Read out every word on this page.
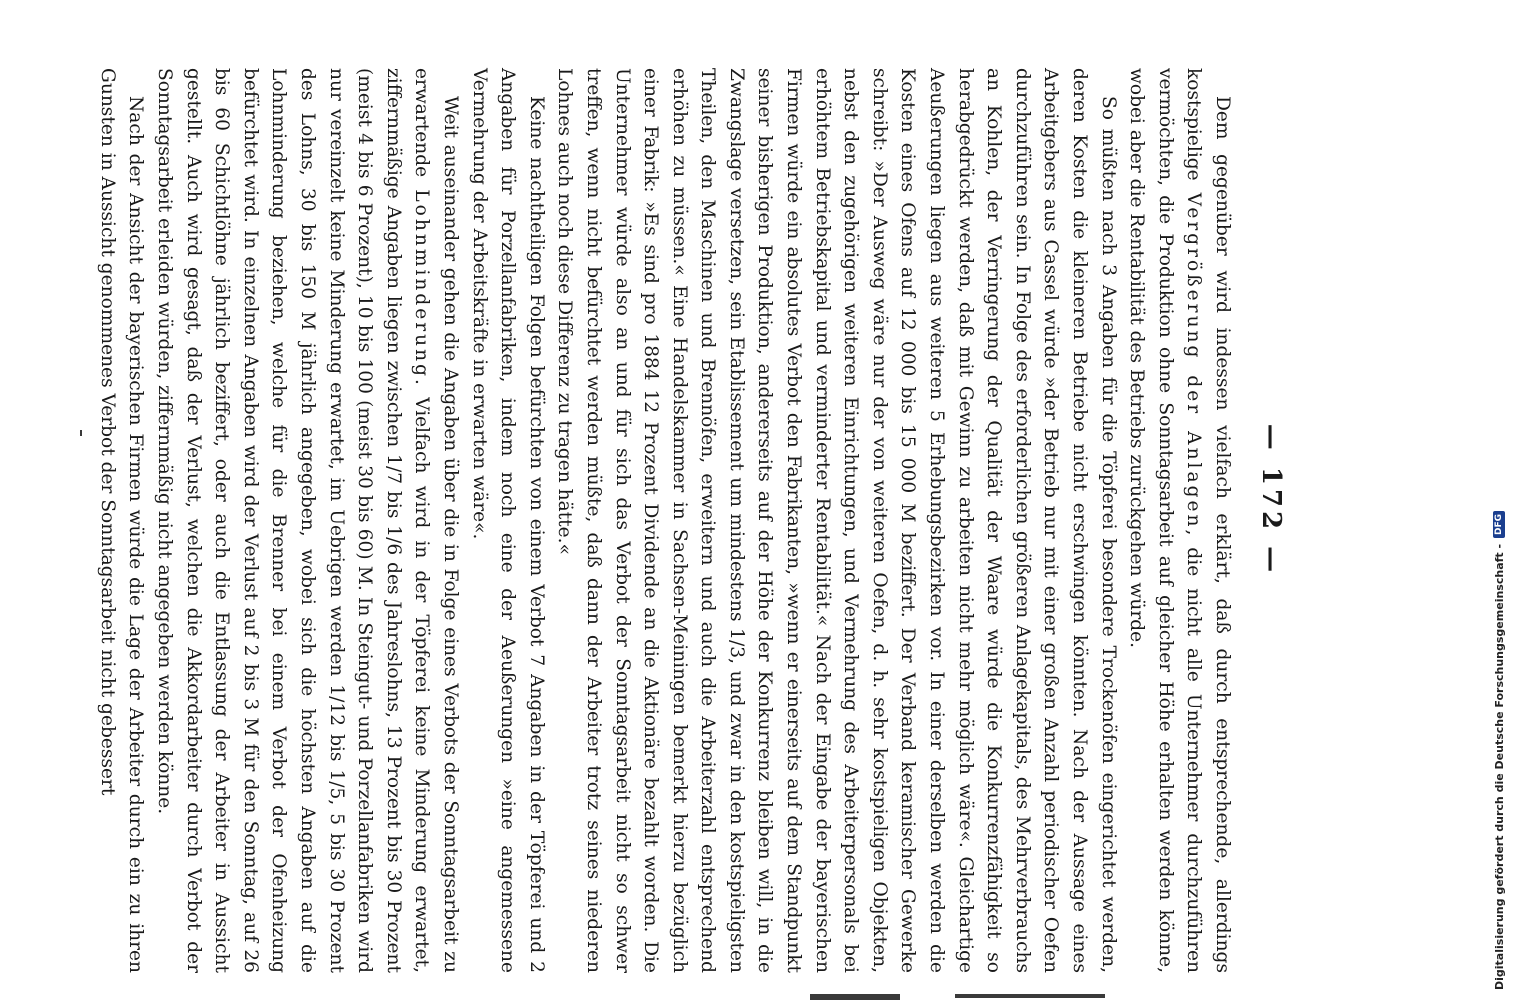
— 172 —

Dem gegenüber wird indessen vielfach erklärt, daß durch entsprechende, allerdings kostspielige Vergrößerung der Anlagen, die nicht alle Unternehmer durchzuführen vermöchten, die Produktion ohne Sonntagsarbeit auf gleicher Höhe erhalten werden könne, wobei aber die Rentabilität des Betriebs zurückgehen würde.

So müßten nach 3 Angaben für die Töpferei besondere Trockenöfen eingerichtet werden, deren Kosten die kleineren Betriebe nicht erschwingen könnten. Nach der Aussage eines Arbeitgebers aus Cassel würde »der Betrieb nur mit einer großen Anzahl periodischer Oefen durchzuführen sein. In Folge des erforderlichen größeren Anlagekapitals, des Mehrverbrauchs an Kohlen, der Verringerung der Qualität der Waare würde die Konkurrenzfähigkeit so herabgedrückt werden, daß mit Gewinn zu arbeiten nicht mehr möglich wäre«. Gleichartige Aeußerungen liegen aus weiteren 5 Erhebungsbezirken vor. In einer derselben werden die Kosten eines Ofens auf 12 000 bis 15 000 M beziffert. Der Verband keramischer Gewerke schreibt: »Der Ausweg wäre nur der von weiteren Oefen, d. h. sehr kostspieligen Objekten, nebst den zugehörigen weiteren Einrichtungen, und Vermehrung des Arbeiterpersonals bei erhöhtem Betriebskapital und verminderter Rentabilität.« Nach der Eingabe der bayerischen Firmen würde ein absolutes Verbot den Fabrikanten, »wenn er einerseits auf dem Standpunkt seiner bisherigen Produktion, andererseits auf der Höhe der Konkurrenz bleiben will, in die Zwangslage versetzen, sein Etablissement um mindestens 1/3, und zwar in den kostspieligsten Theilen, den Maschinen und Brennöfen, erweitern und auch die Arbeiterzahl entsprechend erhöhen zu müssen.« Eine Handelskammer in Sachsen-Meiningen bemerkt hierzu bezüglich einer Fabrik: »Es sind pro 1884 12 Prozent Dividende an die Aktionäre bezahlt worden. Die Unternehmer würde also an und für sich das Verbot der Sonntagsarbeit nicht so schwer treffen, wenn nicht befürchtet werden müßte, daß dann der Arbeiter trotz seines niederen Lohnes auch noch diese Differenz zu tragen hätte.«

Keine nachtheiligen Folgen befürchten von einem Verbot 7 Angaben in der Töpferei und 2 Angaben für Porzellanfabriken, indem noch eine der Aeußerungen »eine angemessene Vermehrung der Arbeitskräfte in erwarten wäre«.

Weit auseinander gehen die Angaben über die in Folge eines Verbots der Sonntagsarbeit zu erwartende Lohnminderung. Vielfach wird in der Töpferei keine Minderung erwartet, ziffernmäßige Angaben liegen zwischen 1/7 bis 1/6 des Jahreslohns, 13 Prozent bis 30 Prozent (meist 4 bis 6 Prozent), 10 bis 100 (meist 30 bis 60) M. In Steingut- und Porzellanfabriken wird nur vereinzelt keine Minderung erwartet, im Uebrigen werden 1/12 bis 1/5, 5 bis 30 Prozent des Lohns, 30 bis 150 M jährlich angegeben, wobei sich die höchsten Angaben auf die Lohnminderung beziehen, welche für die Brenner bei einem Verbot der Ofenheizung befürchtet wird. In einzelnen Angaben wird der Verlust auf 2 bis 3 M für den Sonntag, auf 26 bis 60 Schichtlöhne jährlich beziffert, oder auch die Entlassung der Arbeiter in Aussicht gestellt. Auch wird gesagt, daß der Verlust, welchen die Akkordarbeiter durch Verbot der Sonntagsarbeit erleiden würden, ziffernmäßig nicht angegeben werden könne.

Nach der Ansicht der bayerischen Firmen würde die Lage der Arbeiter durch ein zu ihren Gunsten in Aussicht genommenes Verbot der Sonntagsarbeit nicht gebessert	Digitalisierung gefördert durch die Deutsche Forschungsgemeinschaft -
DFG
